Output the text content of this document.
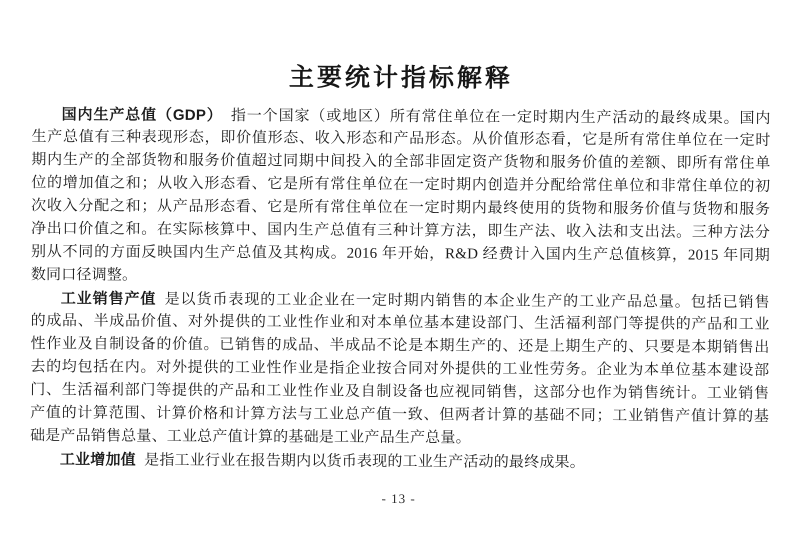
主要统计指标解释
国内生产总值（GDP） 指一个国家（或地区）所有常住单位在一定时期内生产活动的最终成果。国内
生产总值有三种表现形态，即价值形态、收入形态和产品形态。从价值形态看，它是所有常住单位在一定时
期内生产的全部货物和服务价值超过同期中间投入的全部非固定资产货物和服务价值的差额、即所有常住单
位的增加值之和；从收入形态看、它是所有常住单位在一定时期内创造并分配给常住单位和非常住单位的初
次收入分配之和；从产品形态看、它是所有常住单位在一定时期内最终使用的货物和服务价值与货物和服务
净出口价值之和。在实际核算中、国内生产总值有三种计算方法，即生产法、收入法和支出法。三种方法分
别从不同的方面反映国内生产总值及其构成。2016 年开始，R&D 经费计入国内生产总值核算，2015 年同期
数同口径调整。
工业销售产值 是以货币表现的工业企业在一定时期内销售的本企业生产的工业产品总量。包括已销售
的成品、半成品价值、对外提供的工业性作业和对本单位基本建设部门、生活福利部门等提供的产品和工业
性作业及自制设备的价值。已销售的成品、半成品不论是本期生产的、还是上期生产的、只要是本期销售出
去的均包括在内。对外提供的工业性作业是指企业按合同对外提供的工业性劳务。企业为本单位基本建设部
门、生活福利部门等提供的产品和工业性作业及自制设备也应视同销售，这部分也作为销售统计。工业销售
产值的计算范围、计算价格和计算方法与工业总产值一致、但两者计算的基础不同；工业销售产值计算的基
础是产品销售总量、工业总产值计算的基础是工业产品生产总量。
工业增加值 是指工业行业在报告期内以货币表现的工业生产活动的最终成果。
- 13 -
